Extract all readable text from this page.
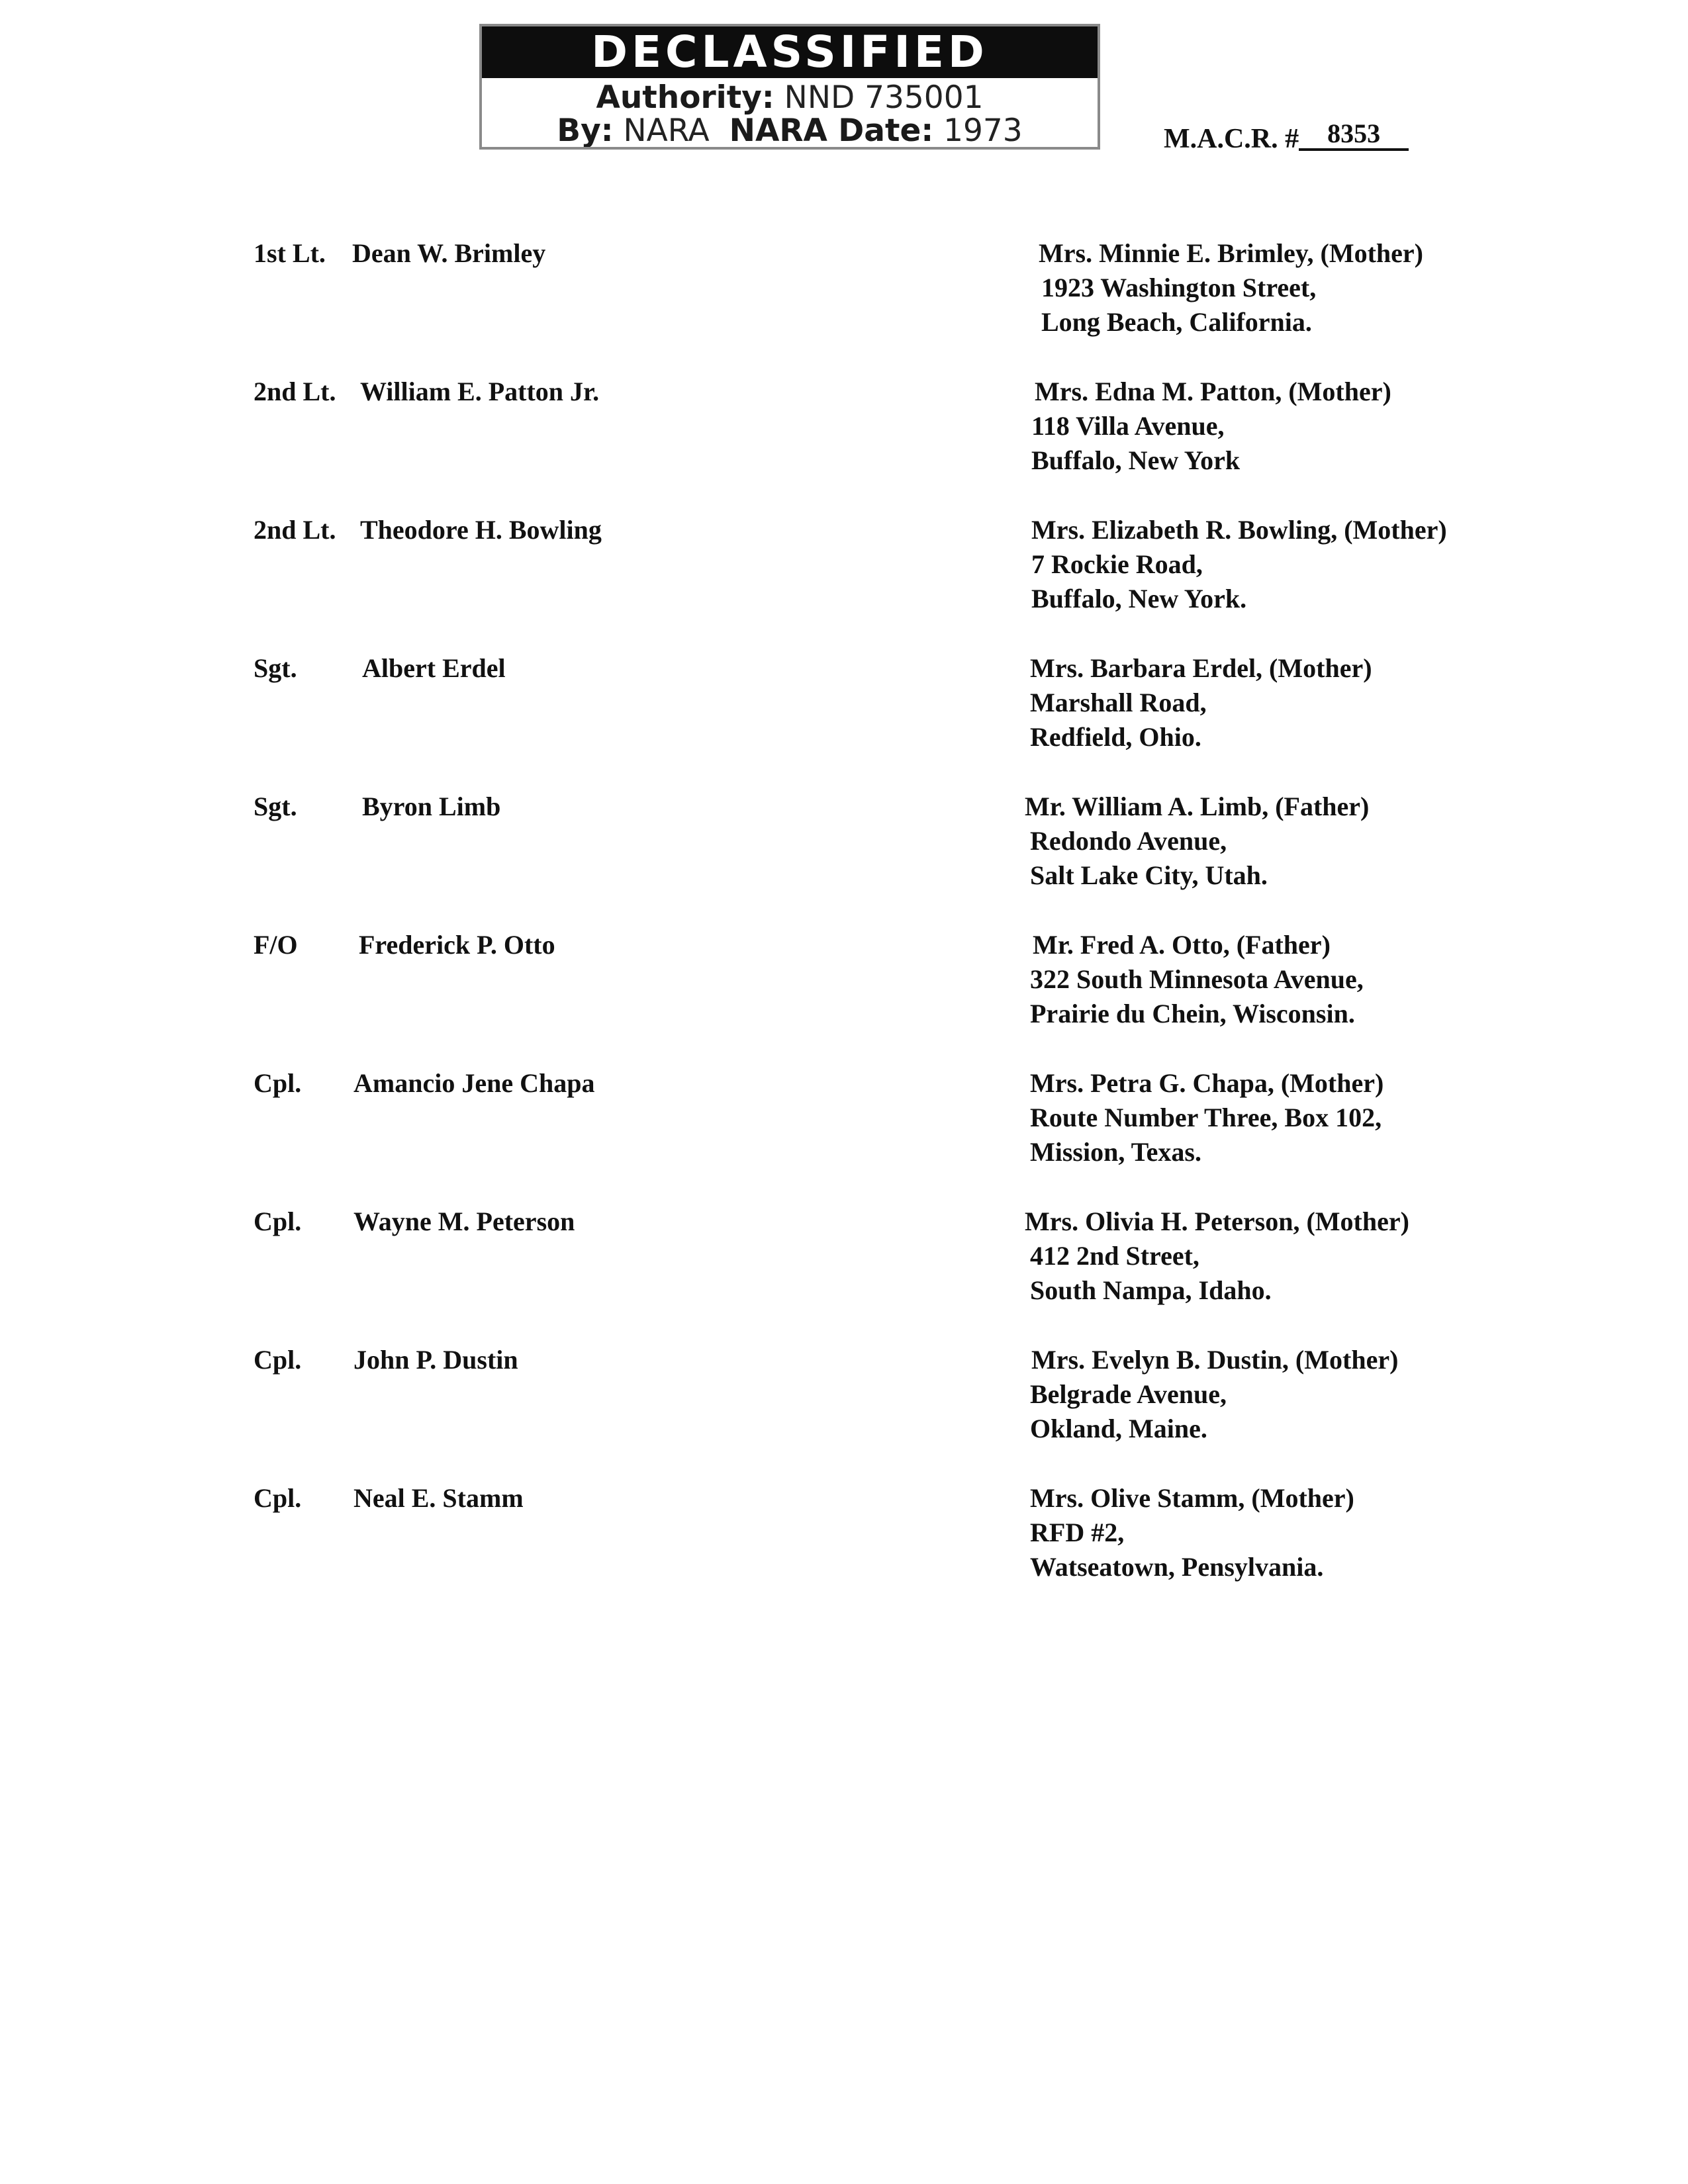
DECLASSIFIED
Authority: NND 735001
By: NARA NARA Date: 1973	M.A.C.R. # 8353
1st Lt. Dean W. Brimley	Mrs. Minnie E. Brimley, (Mother)
1923 Washington Street,
Long Beach, California.
2nd Lt. William E. Patton Jr.	Mrs. Edna M. Patton, (Mother)
118 Villa Avenue,
Buffalo, New York
2nd Lt. Theodore H. Bowling	Mrs. Elizabeth R. Bowling, (Mother)
7 Rockie Road,
Buffalo, New York.
Sgt. Albert Erdel	Mrs. Barbara Erdel, (Mother)
Marshall Road,
Redfield, Ohio.
Sgt. Byron Limb	Mr. William A. Limb, (Father)
Redondo Avenue,
Salt Lake City, Utah.
F/O Frederick P. Otto	Mr. Fred A. Otto, (Father)
322 South Minnesota Avenue,
Prairie du Chein, Wisconsin.
Cpl. Amancio Jene Chapa	Mrs. Petra G. Chapa, (Mother)
Route Number Three, Box 102,
Mission, Texas.
Cpl. Wayne M. Peterson	Mrs. Olivia H. Peterson, (Mother)
412 2nd Street,
South Nampa, Idaho.
Cpl. John P. Dustin	Mrs. Evelyn B. Dustin, (Mother)
Belgrade Avenue,
Okland, Maine.
Cpl. Neal E. Stamm	Mrs. Olive Stamm, (Mother)
RFD #2,
Watseatown, Pensylvania.
